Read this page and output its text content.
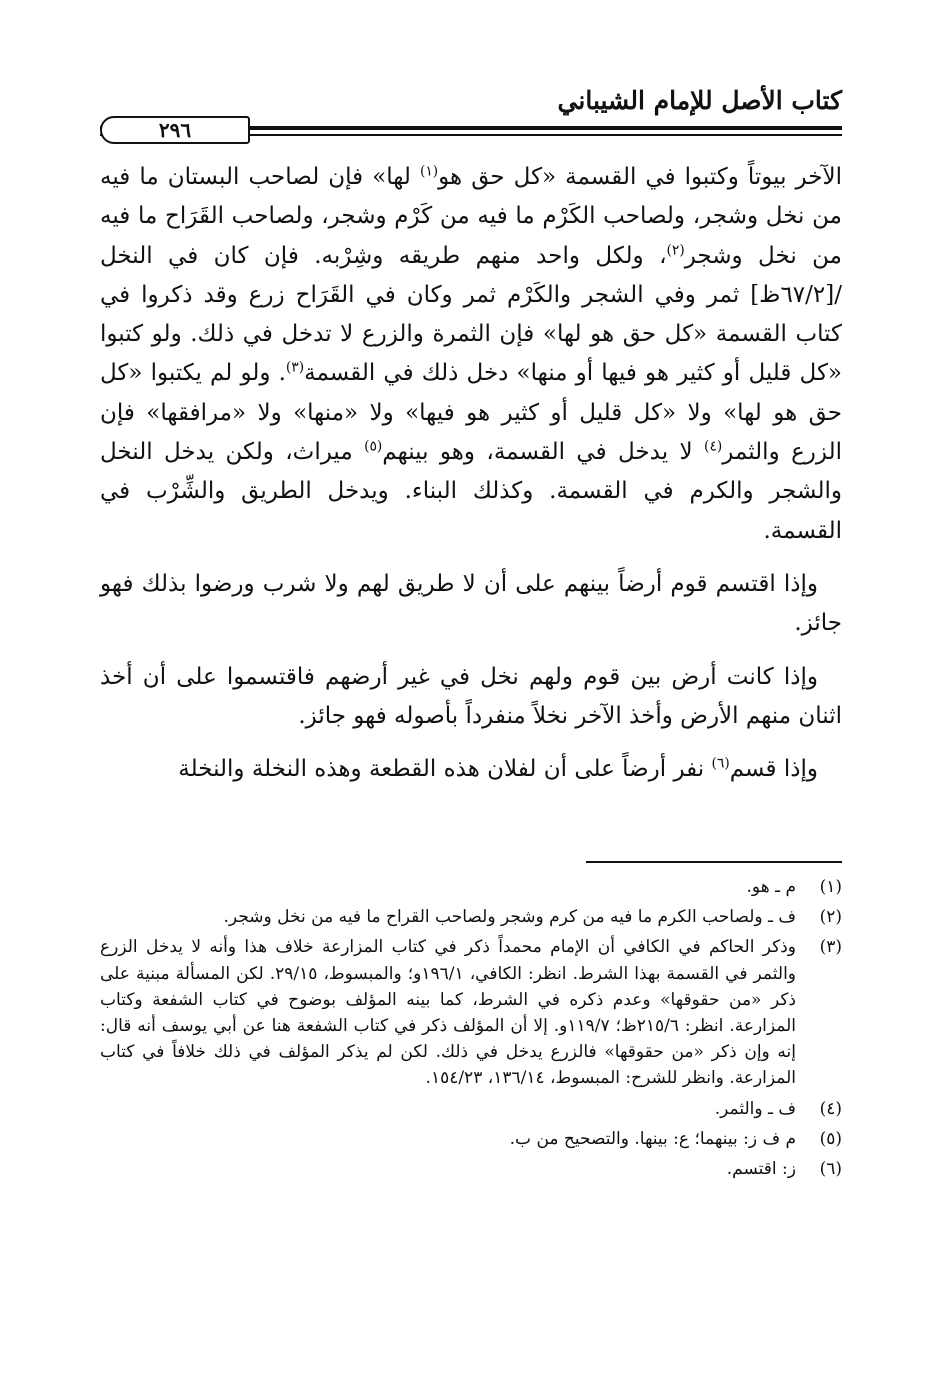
كتاب الأصل للإمام الشيباني
٢٩٦

الآخر بيوتاً وكتبوا في القسمة «كل حق هو$^{(١)}$ لها» فإن لصاحب البستان ما فيه من نخل وشجر، ولصاحب الكَرْم ما فيه من كَرْم وشجر، ولصاحب القَرَاح ما فيه من نخل وشجر$^{(٢)}$، ولكل واحد منهم طريقه وشِرْبه. فإن كان في النخل /[٦٧/٢ظ] ثمر وفي الشجر والكَرْم ثمر وكان في القَرَاح زرع وقد ذكروا في كتاب القسمة «كل حق هو لها» فإن الثمرة والزرع لا تدخل في ذلك. ولو كتبوا «كل قليل أو كثير هو فيها أو منها» دخل ذلك في القسمة$^{(٣)}$. ولو لم يكتبوا «كل حق هو لها» ولا «كل قليل أو كثير هو فيها» ولا «منها» ولا «مرافقها» فإن الزرع والثمر$^{(٤)}$ لا يدخل في القسمة، وهو بينهم$^{(٥)}$ ميراث، ولكن يدخل النخل والشجر والكرم في القسمة. وكذلك البناء. ويدخل الطريق والشِّرْب في القسمة.

وإذا اقتسم قوم أرضاً بينهم على أن لا طريق لهم ولا شرب ورضوا بذلك فهو جائز.

وإذا كانت أرض بين قوم ولهم نخل في غير أرضهم فاقتسموا على أن أخذ اثنان منهم الأرض وأخذ الآخر نخلاً منفرداً بأصوله فهو جائز.

وإذا قسم$^{(٦)}$ نفر أرضاً على أن لفلان هذه القطعة وهذه النخلة والنخلة

(١)
م ـ هو.
(٢)
ف ـ ولصاحب الكرم ما فيه من كرم وشجر ولصاحب القراح ما فيه من نخل وشجر.
(٣)
وذكر الحاكم في الكافي أن الإمام محمداً ذكر في كتاب المزارعة خلاف هذا وأنه لا يدخل الزرع والثمر في القسمة بهذا الشرط. انظر: الكافي، ١٩٦/١و؛ والمبسوط، ٢٩/١٥. لكن المسألة مبنية على ذكر «من حقوقها» وعدم ذكره في الشرط، كما بينه المؤلف بوضوح في كتاب الشفعة وكتاب المزارعة. انظر: ٢١٥/٦ظ؛ ١١٩/٧و. إلا أن المؤلف ذكر في كتاب الشفعة هنا عن أبي يوسف أنه قال: إنه وإن ذكر «من حقوقها» فالزرع يدخل في ذلك. لكن لم يذكر المؤلف في ذلك خلافاً في كتاب المزارعة. وانظر للشرح: المبسوط، ١٣٦/١٤، ١٥٤/٢٣.
(٤)
ف ـ والثمر.
(٥)
م ف ز: بينهما؛ ع: بينها. والتصحيح من ب.
(٦)
ز: اقتسم.
